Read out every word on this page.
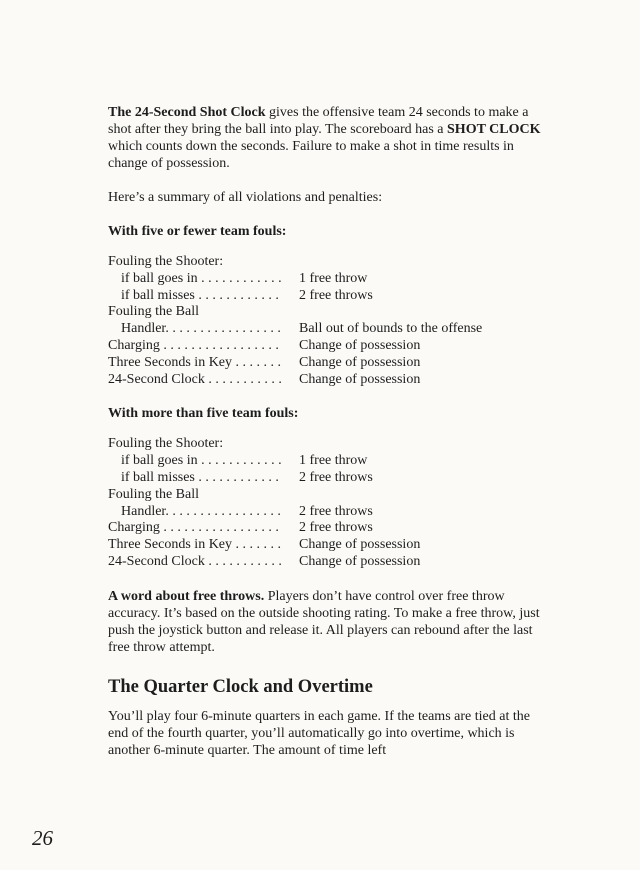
The 24-Second Shot Clock gives the offensive team 24 seconds to make a shot after they bring the ball into play. The scoreboard has a SHOT CLOCK which counts down the seconds. Failure to make a shot in time results in change of possession.

Here’s a summary of all violations and penalties:

With five or fewer team fouls:
Fouling the Shooter:
if ball goes in . . . . . . . . . . . . 1 free throw
if ball misses . . . . . . . . . . . . 2 free throws
Fouling the Ball
Handler. . . . . . . . . . . . . . . . . Ball out of bounds to the offense
Charging . . . . . . . . . . . . . . . . . Change of possession
Three Seconds in Key . . . . . . . Change of possession
24-Second Clock . . . . . . . . . . . Change of possession
With more than five team fouls:
Fouling the Shooter:
if ball goes in . . . . . . . . . . . . 1 free throw
if ball misses . . . . . . . . . . . . 2 free throws
Fouling the Ball
Handler. . . . . . . . . . . . . . . . . 2 free throws
Charging . . . . . . . . . . . . . . . . . 2 free throws
Three Seconds in Key . . . . . . . Change of possession
24-Second Clock . . . . . . . . . . . Change of possession

A word about free throws. Players don’t have control over free throw accuracy. It’s based on the outside shooting rating. To make a free throw, just push the joystick button and release it. All players can rebound after the last free throw attempt.

The Quarter Clock and Overtime

You’ll play four 6-minute quarters in each game. If the teams are tied at the end of the fourth quarter, you’ll automatically go into overtime, which is another 6-minute quarter. The amount of time left

26
